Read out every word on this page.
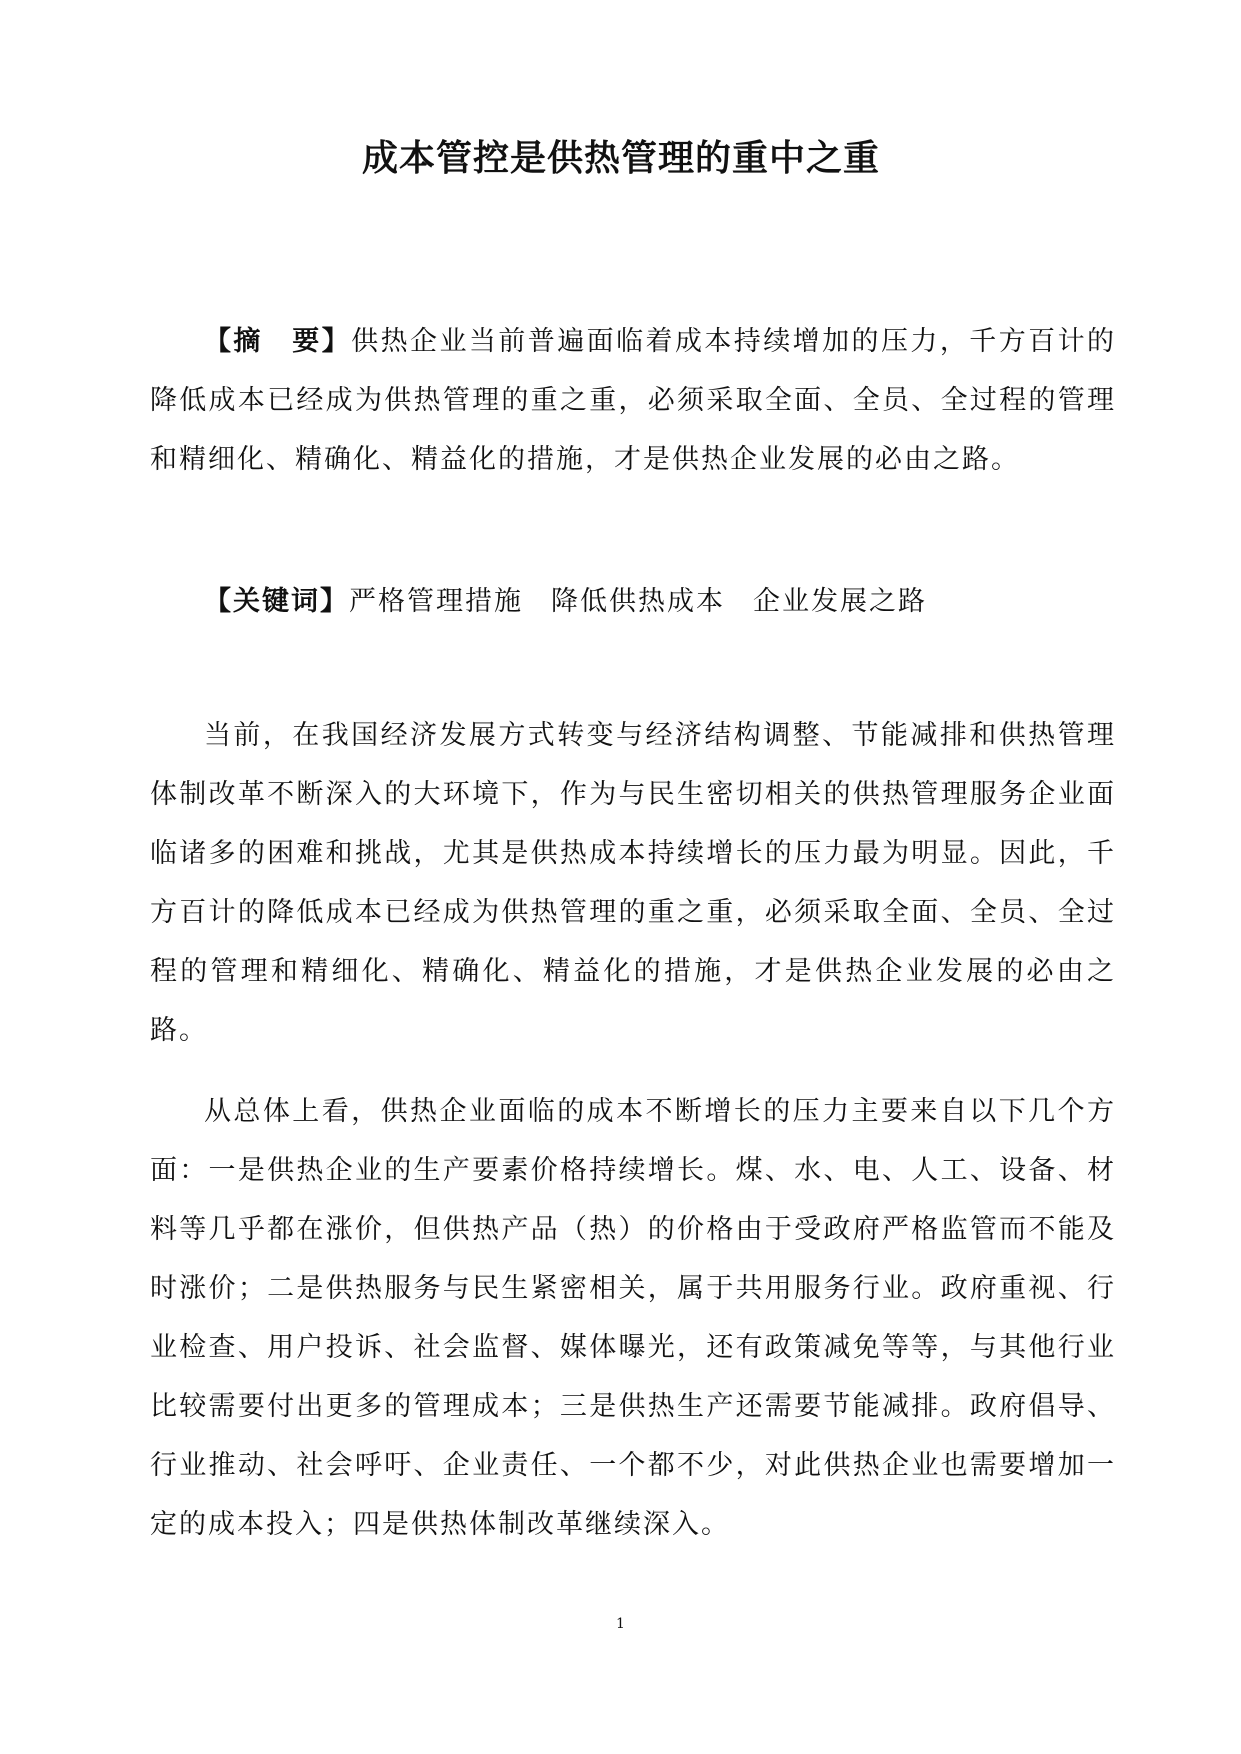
成本管控是供热管理的重中之重

【摘　要】供热企业当前普遍面临着成本持续增加的压力，千方百计的降低成本已经成为供热管理的重之重，必须采取全面、全员、全过程的管理和精细化、精确化、精益化的措施，才是供热企业发展的必由之路。

【关键词】严格管理措施 降低供热成本 企业发展之路

当前，在我国经济发展方式转变与经济结构调整、节能减排和供热管理体制改革不断深入的大环境下，作为与民生密切相关的供热管理服务企业面临诸多的困难和挑战，尤其是供热成本持续增长的压力最为明显。因此，千方百计的降低成本已经成为供热管理的重之重，必须采取全面、全员、全过程的管理和精细化、精确化、精益化的措施，才是供热企业发展的必由之路。

从总体上看，供热企业面临的成本不断增长的压力主要来自以下几个方面：一是供热企业的生产要素价格持续增长。煤、水、电、人工、设备、材料等几乎都在涨价，但供热产品（热）的价格由于受政府严格监管而不能及时涨价；二是供热服务与民生紧密相关，属于共用服务行业。政府重视、行业检查、用户投诉、社会监督、媒体曝光，还有政策减免等等，与其他行业比较需要付出更多的管理成本；三是供热生产还需要节能减排。政府倡导、行业推动、社会呼吁、企业责任、一个都不少，对此供热企业也需要增加一定的成本投入；四是供热体制改革继续深入。

1
